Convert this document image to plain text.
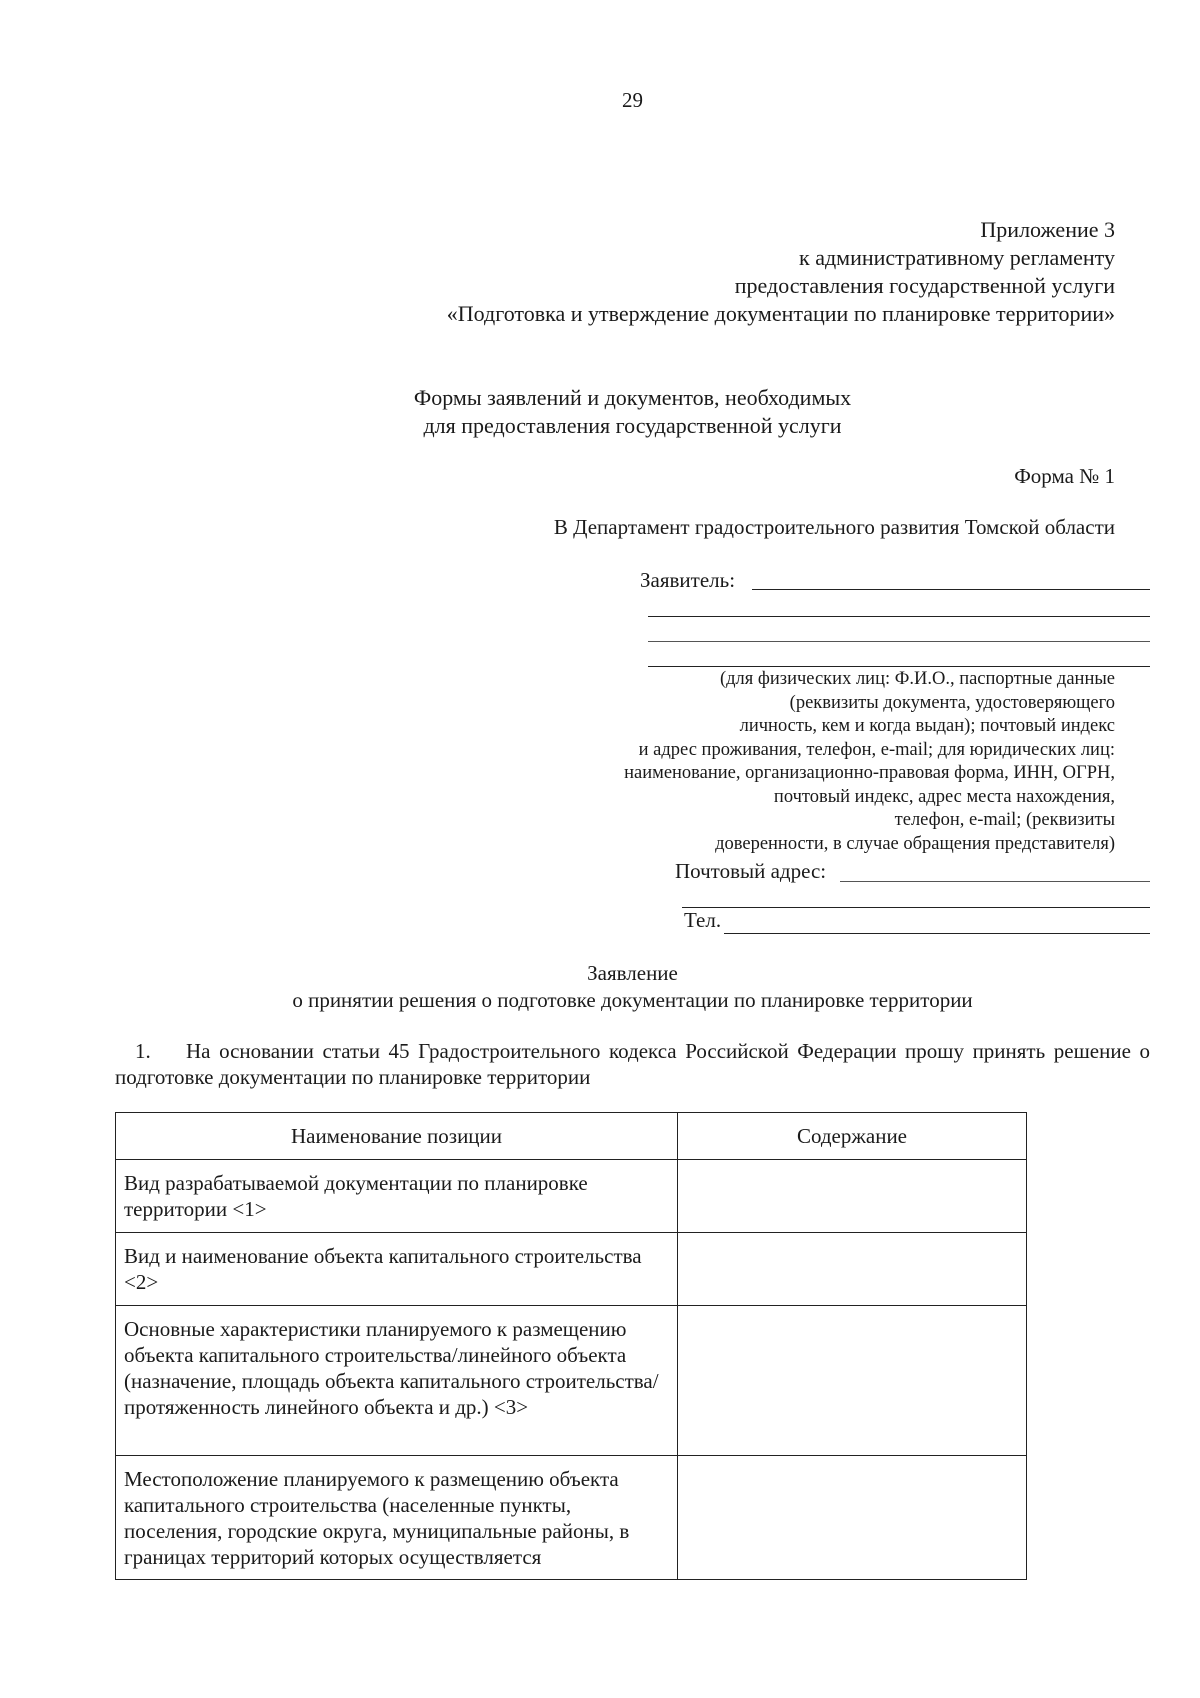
29
Приложение 3
к административному регламенту
предоставления государственной услуги
«Подготовка и утверждение документации по планировке территории»
Формы заявлений и документов, необходимых
для предоставления государственной услуги
Форма № 1
В Департамент градостроительного развития Томской области
Заявитель:
(для физических лиц: Ф.И.О., паспортные данные
(реквизиты документа, удостоверяющего
личность, кем и когда выдан); почтовый индекс
и адрес проживания, телефон, e-mail; для юридических лиц:
наименование, организационно-правовая форма, ИНН, ОГРН,
почтовый индекс, адрес места нахождения,
телефон, e-mail; (реквизиты
доверенности, в случае обращения представителя)
Почтовый адрес:
Тел.
Заявление
о принятии решения о подготовке документации по планировке территории
1. На основании статьи 45 Градостроительного кодекса Российской Федерации прошу принять решение о подготовке документации по планировке территории
Наименование позиции	Содержание
Вид разрабатываемой документации по планировке территории <1>	
Вид и наименование объекта капитального строительства <2>	
Основные характеристики планируемого к размещению объекта капитального строительства/линейного объекта (назначение, площадь объекта капитального строительства/протяженность линейного объекта и др.) <3>	
Местоположение планируемого к размещению объекта капитального строительства (населенные пункты, поселения, городские округа, муниципальные районы, в границах территорий которых осуществляется	
